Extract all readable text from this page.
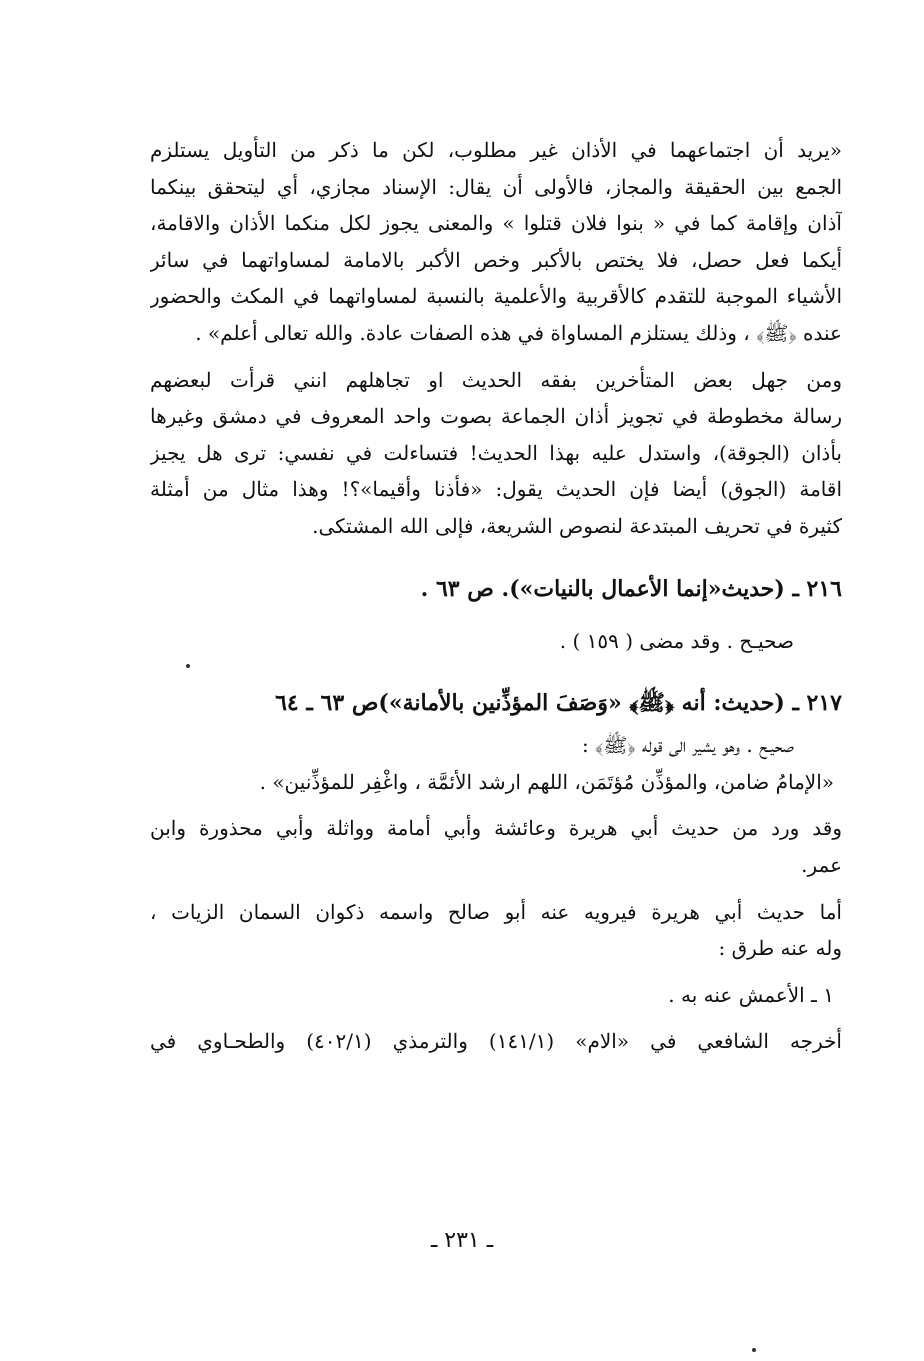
«يريد أن اجتماعهما في الأذان غير مطلوب، لكن ما ذكر من التأويل يستلزم
الجمع بين الحقيقة والمجاز، فالأولى أن يقال: الإسناد مجازي، أي ليتحقق بينكما
آذان وإقامة كما في « بنوا فلان قتلوا » والمعنى يجوز لكل منكما الأذان والاقامة،
أيكما فعل حصل، فلا يختص بالأكبر وخص الأكبر بالامامة لمساواتهما في سائر
الأشياء الموجبة للتقدم كالأقربية والأعلمية بالنسبة لمساواتهما في المكث والحضور
عنده ﴿ﷺ﴾ ، وذلك يستلزم المساواة في هذه الصفات عادة. والله تعالى أعلم» .
ومن جهل بعض المتأخرين بفقه الحديث او تجاهلهم انني قرأت لبعضهم
رسالة مخطوطة في تجويز أذان الجماعة بصوت واحد المعروف في دمشق وغيرها
بأذان (الجوقة)، واستدل عليه بهذا الحديث! فتساءلت في نفسي: ترى هل يجيز
اقامة (الجوق) أيضا فإن الحديث يقول: «فأذنا وأقيما»؟! وهذا مثال من أمثلة
كثيرة في تحريف المبتدعة لنصوص الشريعة، فإلى الله المشتكى.
٢١٦ ـ (حديث«إنما الأعمال بالنيات»). ص ٦٣ .
صحيـح . وقد مضى ( ١٥٩ ) .
٢١٧ ـ (حديث: أنه ﴿ﷺ﴾ «وَصَفَ المؤذِّنين بالأمانة»)ص ٦٣ ـ ٦٤
صحيـح . وهو يشير الى قوله ﴿ﷺ﴾ :
«الإمامُ ضامن، والمؤذِّن مُؤتَمَن، اللهم ارشد الأئمَّة ، واغْفِر للمؤذِّنين» .
وقد ورد من حديث أبي هريرة وعائشة وأبي أمامة وواثلة وأبي محذورة وابن
عمر.
أما حديث أبي هريرة فيرويه عنه أبو صالح واسمه ذكوان السمان الزيات ،
وله عنه طرق :
١ ـ الأعمش عنه به .
أخرجه الشافعي في «الام» (١٤١/١) والترمذي (٤٠٢/١) والطحـاوي في
ـ ٢٣١ ـ
